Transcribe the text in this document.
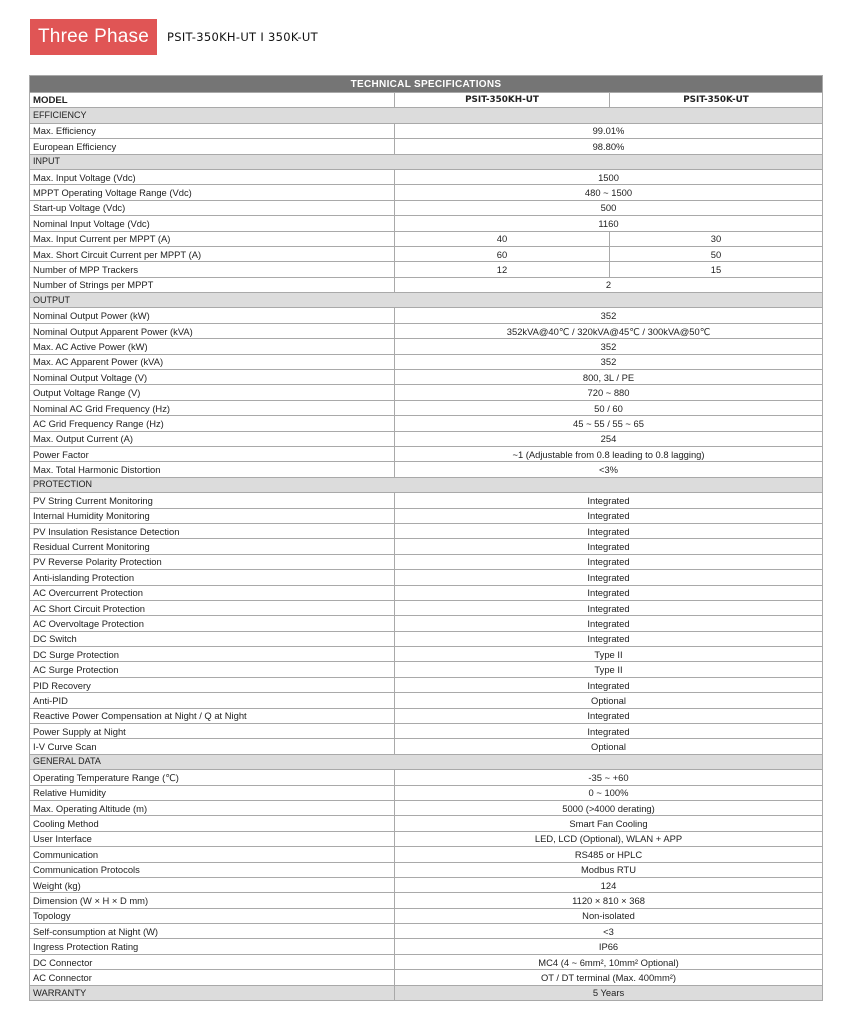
Three Phase	PSIT-350KH-UT I 350K-UT
TECHNICAL SPECIFICATIONS		
MODEL	PSIT-350KH-UT	PSIT-350K-UT
EFFICIENCY		
Max. Efficiency	99.01%	
European Efficiency	98.80%	
INPUT		
Max. Input Voltage (Vdc)	1500	
MPPT Operating Voltage Range (Vdc)	480 ~ 1500	
Start-up Voltage (Vdc)	500	
Nominal Input Voltage (Vdc)	1160	
Max. Input Current per MPPT (A)	40	30
Max. Short Circuit Current per MPPT (A)	60	50
Number of MPP Trackers	12	15
Number of Strings per MPPT	2	
OUTPUT		
Nominal Output Power (kW)	352	
Nominal Output Apparent Power (kVA)	352kVA@40℃ / 320kVA@45℃ / 300kVA@50℃	
Max. AC Active Power (kW)	352	
Max. AC Apparent Power (kVA)	352	
Nominal Output Voltage (V)	800, 3L / PE	
Output Voltage Range (V)	720 ~ 880	
Nominal AC Grid Frequency (Hz)	50 / 60	
AC Grid Frequency Range (Hz)	45 ~ 55 / 55 ~ 65	
Max. Output Current (A)	254	
Power Factor	~1 (Adjustable from 0.8 leading to 0.8 lagging)	
Max. Total Harmonic Distortion	<3%	
PROTECTION		
PV String Current Monitoring	Integrated	
Internal Humidity Monitoring	Integrated	
PV Insulation Resistance Detection	Integrated	
Residual Current Monitoring	Integrated	
PV Reverse Polarity Protection	Integrated	
Anti-islanding Protection	Integrated	
AC Overcurrent Protection	Integrated	
AC Short Circuit Protection	Integrated	
AC Overvoltage Protection	Integrated	
DC Switch	Integrated	
DC Surge Protection	Type II	
AC Surge Protection	Type II	
PID Recovery	Integrated	
Anti-PID	Optional	
Reactive Power Compensation at Night / Q at Night	Integrated	
Power Supply at Night	Integrated	
I-V Curve Scan	Optional	
GENERAL DATA		
Operating Temperature Range (℃)	-35 ~ +60	
Relative Humidity	0 ~ 100%	
Max. Operating Altitude (m)	5000 (>4000 derating)	
Cooling Method	Smart Fan Cooling	
User Interface	LED, LCD (Optional), WLAN + APP	
Communication	RS485 or HPLC	
Communication Protocols	Modbus RTU	
Weight (kg)	124	
Dimension (W × H × D mm)	1120 × 810 × 368	
Topology	Non-isolated	
Self-consumption at Night (W)	<3	
Ingress Protection Rating	IP66	
DC Connector	MC4 (4 ~ 6mm², 10mm² Optional)	
AC Connector	OT / DT terminal (Max. 400mm²)	
WARRANTY	5 Years	
